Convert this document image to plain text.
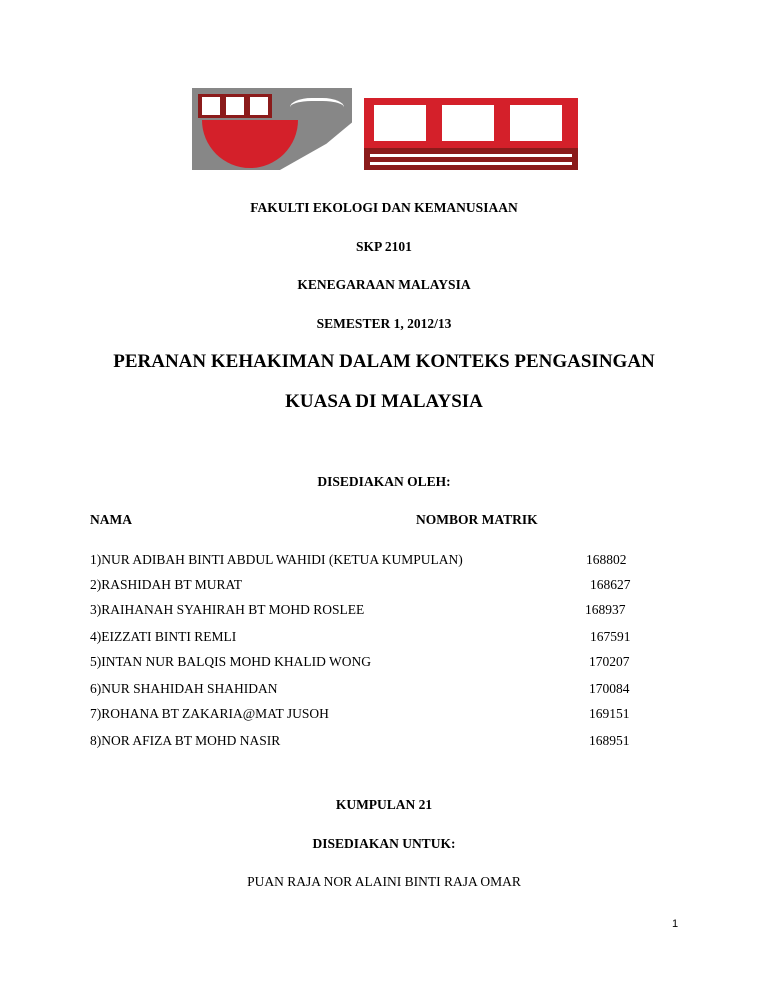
FAKULTI EKOLOGI DAN KEMANUSIAAN
SKP 2101
KENEGARAAN MALAYSIA
SEMESTER 1, 2012/13
PERANAN KEHAKIMAN DALAM KONTEKS PENGASINGAN
KUASA DI MALAYSIA
DISEDIAKAN OLEH:
NAMA	NOMBOR MATRIK
1)NUR ADIBAH BINTI ABDUL WAHIDI (KETUA KUMPULAN)	168802
2)RASHIDAH BT MURAT	168627
3)RAIHANAH SYAHIRAH BT MOHD ROSLEE	168937
4)EIZZATI BINTI REMLI	167591
5)INTAN NUR BALQIS MOHD KHALID WONG	170207
6)NUR SHAHIDAH SHAHIDAN	170084
7)ROHANA BT ZAKARIA@MAT JUSOH	169151
8)NOR AFIZA BT MOHD NASIR	168951
KUMPULAN 21
DISEDIAKAN UNTUK:
PUAN RAJA NOR ALAINI BINTI RAJA OMAR
1
